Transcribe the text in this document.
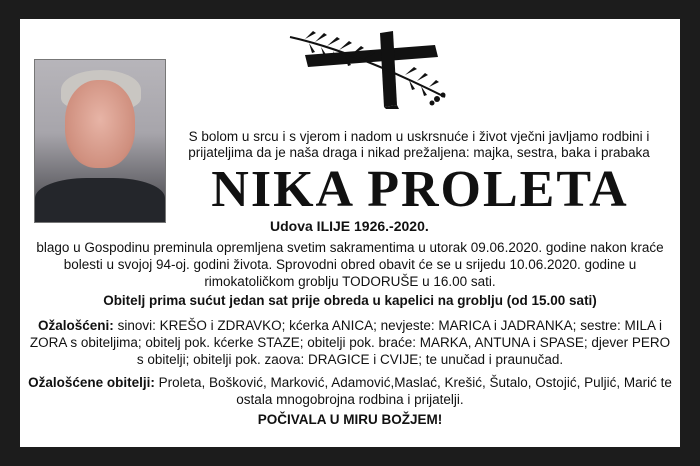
S bolom u srcu i s vjerom i nadom u uskrsnuće i život vječni javljamo rodbini i prijateljima da je naša draga i nikad prežaljena: majka, sestra, baka i prabaka
NIKA PROLETA
Udova ILIJE 1926.-2020.
blago u Gospodinu preminula opremljena svetim sakramentima u utorak 09.06.2020. godine nakon kraće bolesti u svojoj 94-oj. godini života. Sprovodni obred obavit će se u srijedu 10.06.2020. godine u rimokatoličkom groblju TODORUŠE u 16.00 sati.
Obitelj prima sućut jedan sat prije obreda u kapelici na groblju (od 15.00 sati)
Ožalošćeni: sinovi: KREŠO i ZDRAVKO; kćerka ANICA; nevjeste: MARICA i JADRANKA; sestre: MILA i ZORA s obiteljima; obitelj pok. kćerke STAZE; obitelji pok. braće: MARKA, ANTUNA i SPASE; djever PERO s obitelji; obitelji pok. zaova: DRAGICE i CVIJE; te unučad i praunučad.
Ožalošćene obitelji: Proleta, Bošković, Marković, Adamović,Maslać, Krešić, Šutalo, Ostojić, Puljić, Marić te ostala mnogobrojna rodbina i prijatelji.
POČIVALA U MIRU BOŽJEM!
